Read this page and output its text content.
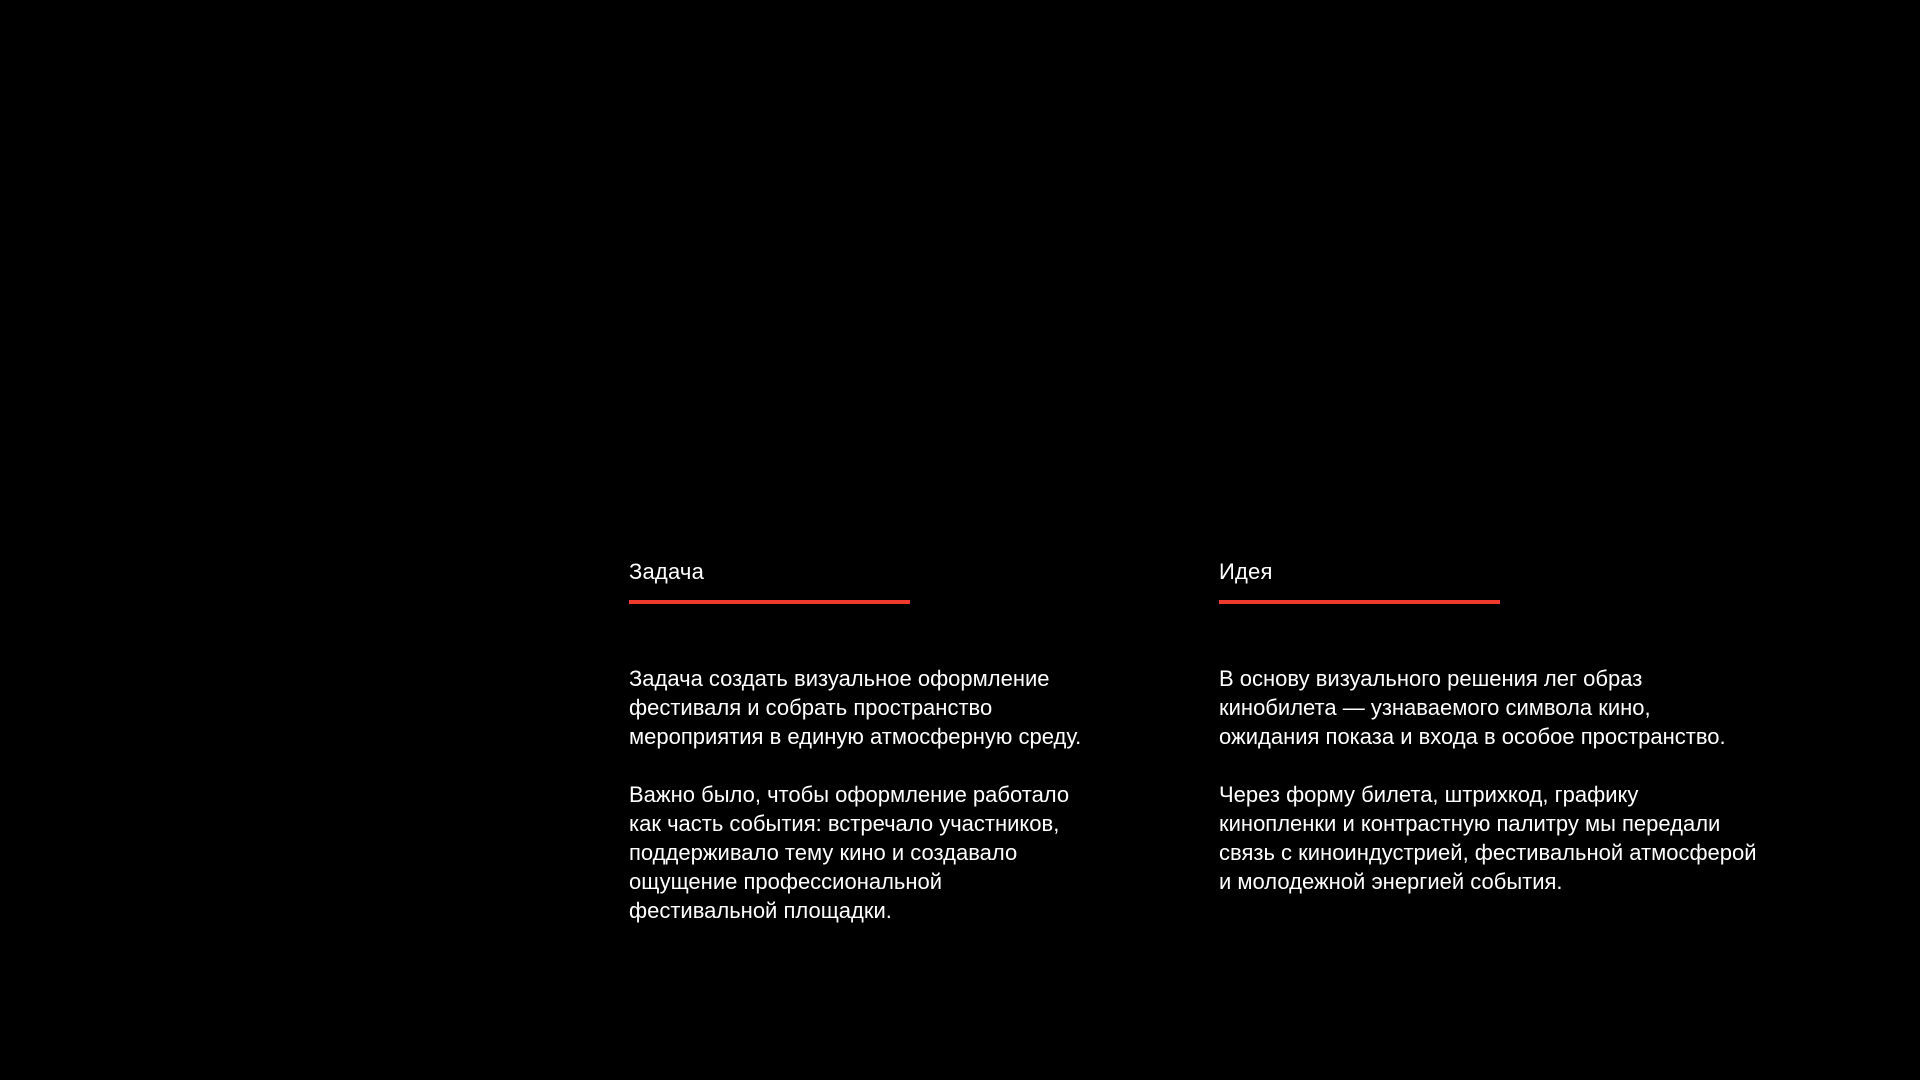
Задача

Задача создать визуальное оформление
фестиваля и собрать пространство
мероприятия в единую атмосферную среду.

Важно было, чтобы оформление работало
как часть события: встречало участников,
поддерживало тему кино и создавало
ощущение профессиональной
фестивальной площадки.

Идея

В основу визуального решения лег образ
кинобилета — узнаваемого символа кино,
ожидания показа и входа в особое пространство.

Через форму билета, штрихкод, графику
кинопленки и контрастную палитру мы передали
связь с киноиндустрией, фестивальной атмосферой
и молодежной энергией события.
